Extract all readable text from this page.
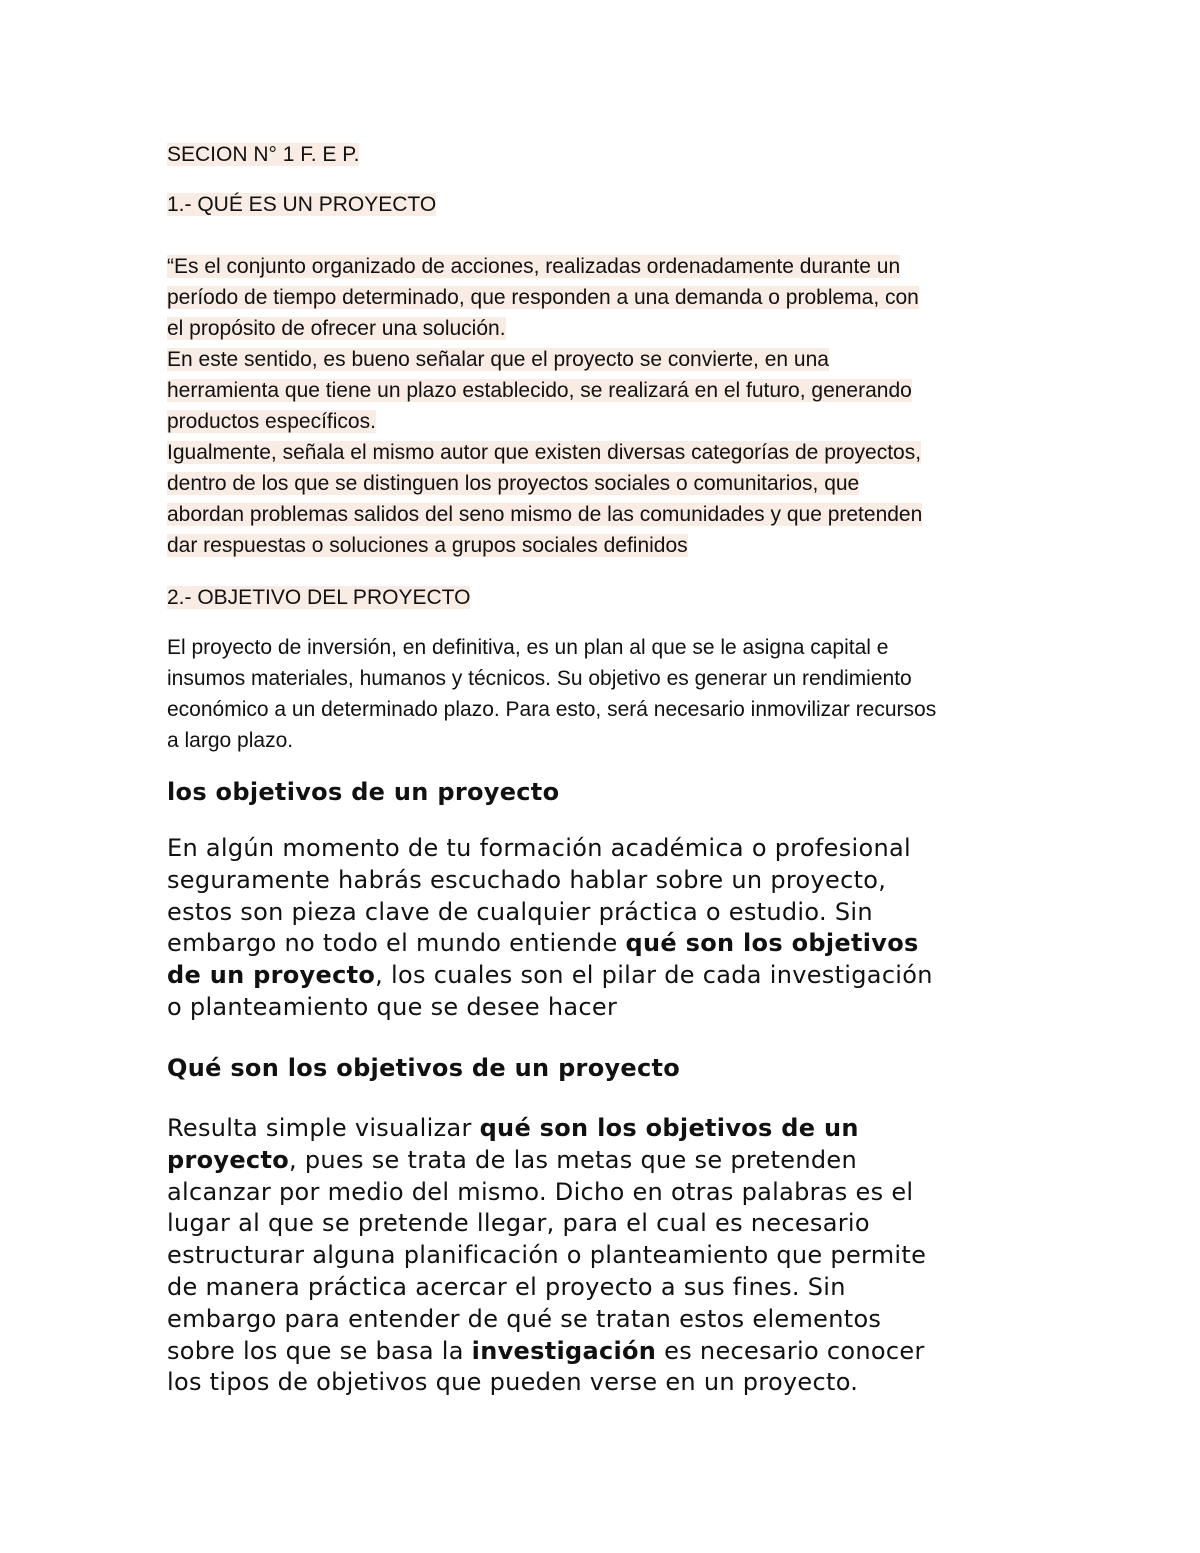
SECION N° 1 F. E P.
1.- QUÉ ES UN PROYECTO
“Es el conjunto organizado de acciones, realizadas ordenadamente durante un
período de tiempo determinado, que responden a una demanda o problema, con
el propósito de ofrecer una solución.
En este sentido, es bueno señalar que el proyecto se convierte, en una
herramienta que tiene un plazo establecido, se realizará en el futuro, generando
productos específicos.
Igualmente, señala el mismo autor que existen diversas categorías de proyectos,
dentro de los que se distinguen los proyectos sociales o comunitarios, que
abordan problemas salidos del seno mismo de las comunidades y que pretenden
dar respuestas o soluciones a grupos sociales definidos
2.- OBJETIVO DEL PROYECTO
El proyecto de inversión, en definitiva, es un plan al que se le asigna capital e
insumos materiales, humanos y técnicos. Su objetivo es generar un rendimiento
económico a un determinado plazo. Para esto, será necesario inmovilizar recursos
a largo plazo.
los objetivos de un proyecto
En algún momento de tu formación académica o profesional
seguramente habrás escuchado hablar sobre un proyecto,
estos son pieza clave de cualquier práctica o estudio. Sin
embargo no todo el mundo entiende qué son los objetivos
de un proyecto, los cuales son el pilar de cada investigación
o planteamiento que se desee hacer
Qué son los objetivos de un proyecto
Resulta simple visualizar qué son los objetivos de un
proyecto, pues se trata de las metas que se pretenden
alcanzar por medio del mismo. Dicho en otras palabras es el
lugar al que se pretende llegar, para el cual es necesario
estructurar alguna planificación o planteamiento que permite
de manera práctica acercar el proyecto a sus fines. Sin
embargo para entender de qué se tratan estos elementos
sobre los que se basa la investigación es necesario conocer
los tipos de objetivos que pueden verse en un proyecto.
